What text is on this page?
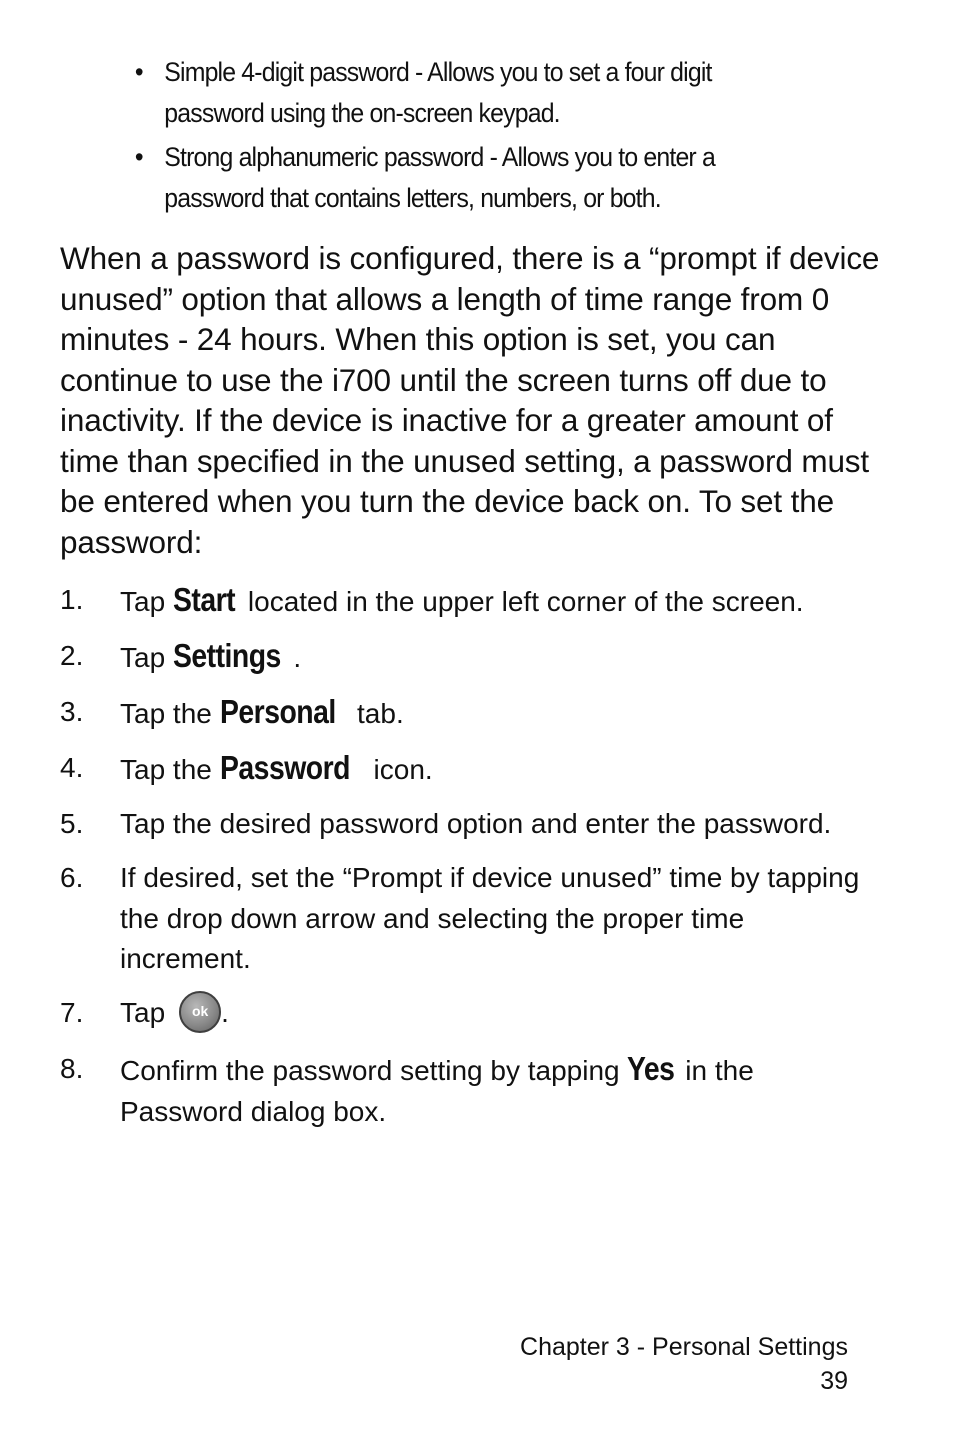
• Simple 4-digit password - Allows you to set a four digit
password using the on-screen keypad.
• Strong alphanumeric password - Allows you to enter a
password that contains letters, numbers, or both.

When a password is configured, there is a “prompt if device unused” option that allows a length of time range from 0 minutes - 24 hours. When this option is set, you can continue to use the i700 until the screen turns off due to inactivity. If the device is inactive for a greater amount of time than specified in the unused setting, a password must be entered when you turn the device back on. To set the password:

1. Tap Start located in the upper left corner of the screen.
2. Tap Settings .
3. Tap the Personal tab.
4. Tap the Password icon.
5. Tap the desired password option and enter the password.
6. If desired, set the “Prompt if device unused” time by tapping the drop down arrow and selecting the proper time increment.
7. Tap ok .
8. Confirm the password setting by tapping Yes in the Password dialog box.
Chapter 3 - Personal Settings
39
